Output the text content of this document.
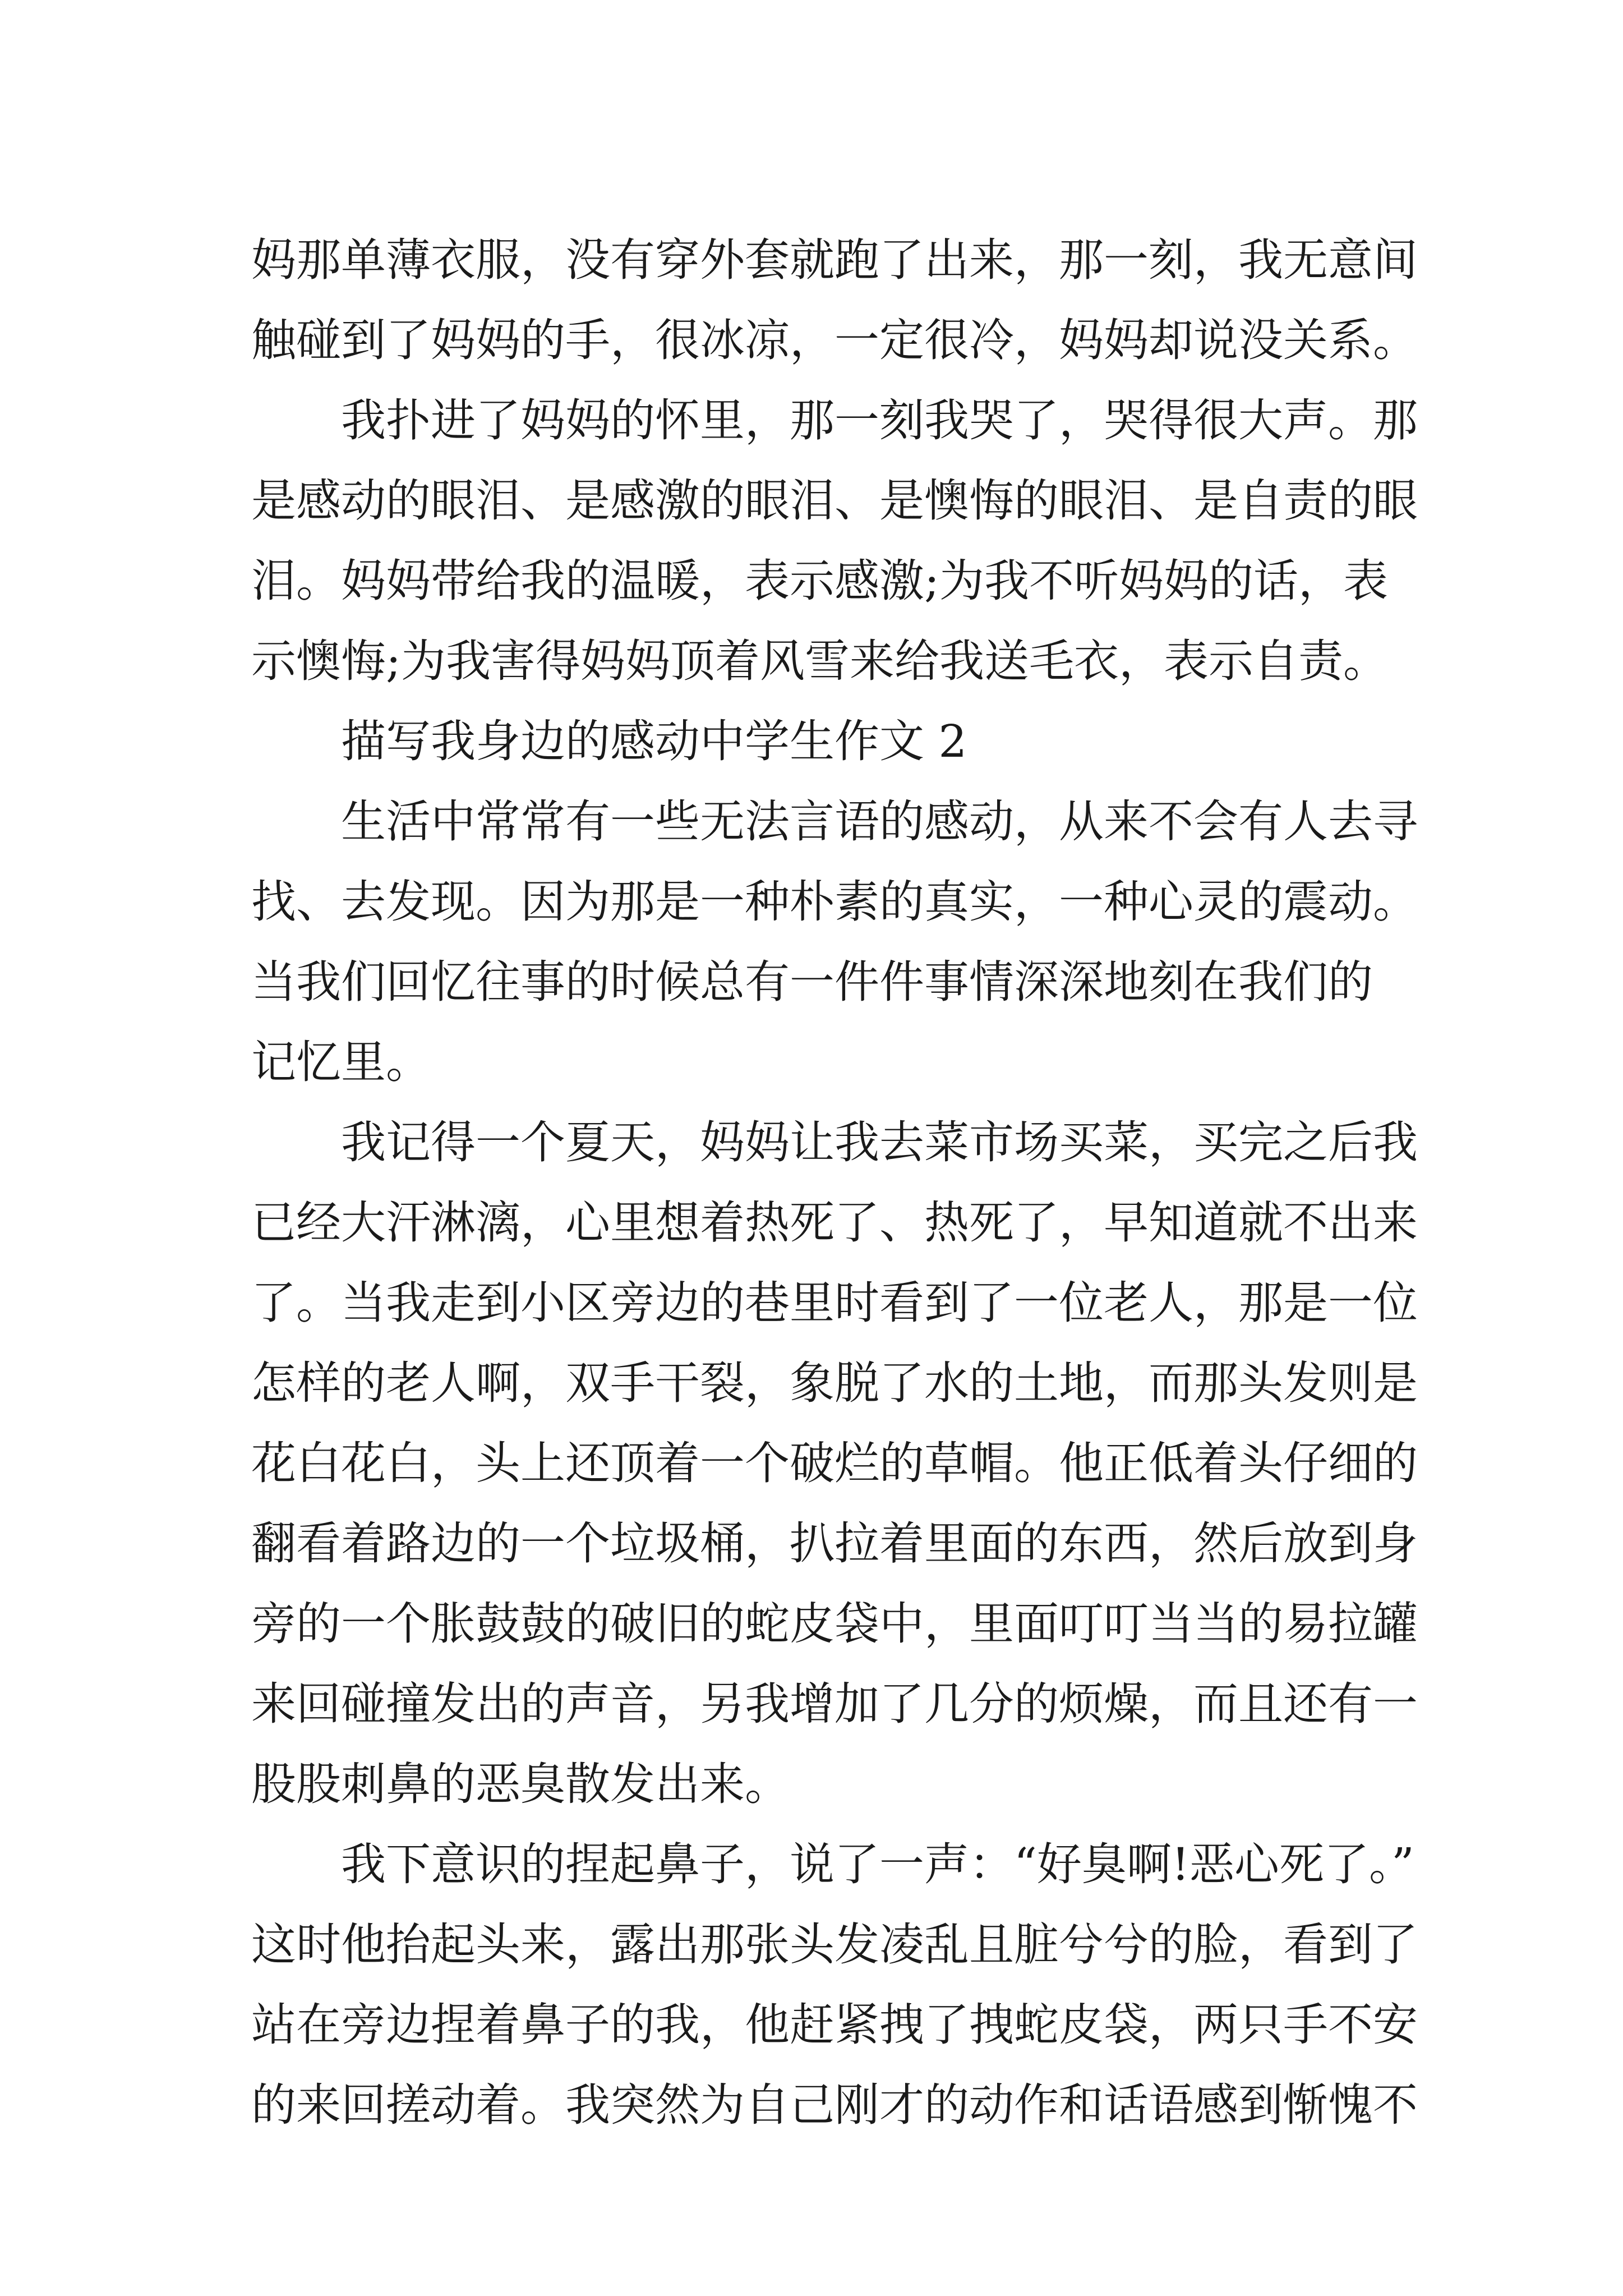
妈那单薄衣服，没有穿外套就跑了出来，那一刻，我无意间
触碰到了妈妈的手，很冰凉，一定很冷，妈妈却说没关系。
我扑进了妈妈的怀里，那一刻我哭了，哭得很大声。那
是感动的眼泪、是感激的眼泪、是懊悔的眼泪、是自责的眼
泪。妈妈带给我的温暖，表示感激;为我不听妈妈的话，表
示懊悔;为我害得妈妈顶着风雪来给我送毛衣，表示自责。
描写我身边的感动中学生作文 2
生活中常常有一些无法言语的感动，从来不会有人去寻
找、去发现。因为那是一种朴素的真实，一种心灵的震动。
当我们回忆往事的时候总有一件件事情深深地刻在我们的
记忆里。
我记得一个夏天，妈妈让我去菜市场买菜，买完之后我
已经大汗淋漓，心里想着热死了、热死了，早知道就不出来
了。当我走到小区旁边的巷里时看到了一位老人，那是一位
怎样的老人啊，双手干裂，象脱了水的土地，而那头发则是
花白花白，头上还顶着一个破烂的草帽。他正低着头仔细的
翻看着路边的一个垃圾桶，扒拉着里面的东西，然后放到身
旁的一个胀鼓鼓的破旧的蛇皮袋中，里面叮叮当当的易拉罐
来回碰撞发出的声音，另我增加了几分的烦燥，而且还有一
股股刺鼻的恶臭散发出来。
我下意识的捏起鼻子，说了一声：“好臭啊!恶心死了。”
这时他抬起头来，露出那张头发凌乱且脏兮兮的脸，看到了
站在旁边捏着鼻子的我，他赶紧拽了拽蛇皮袋，两只手不安
的来回搓动着。我突然为自己刚才的动作和话语感到惭愧不
